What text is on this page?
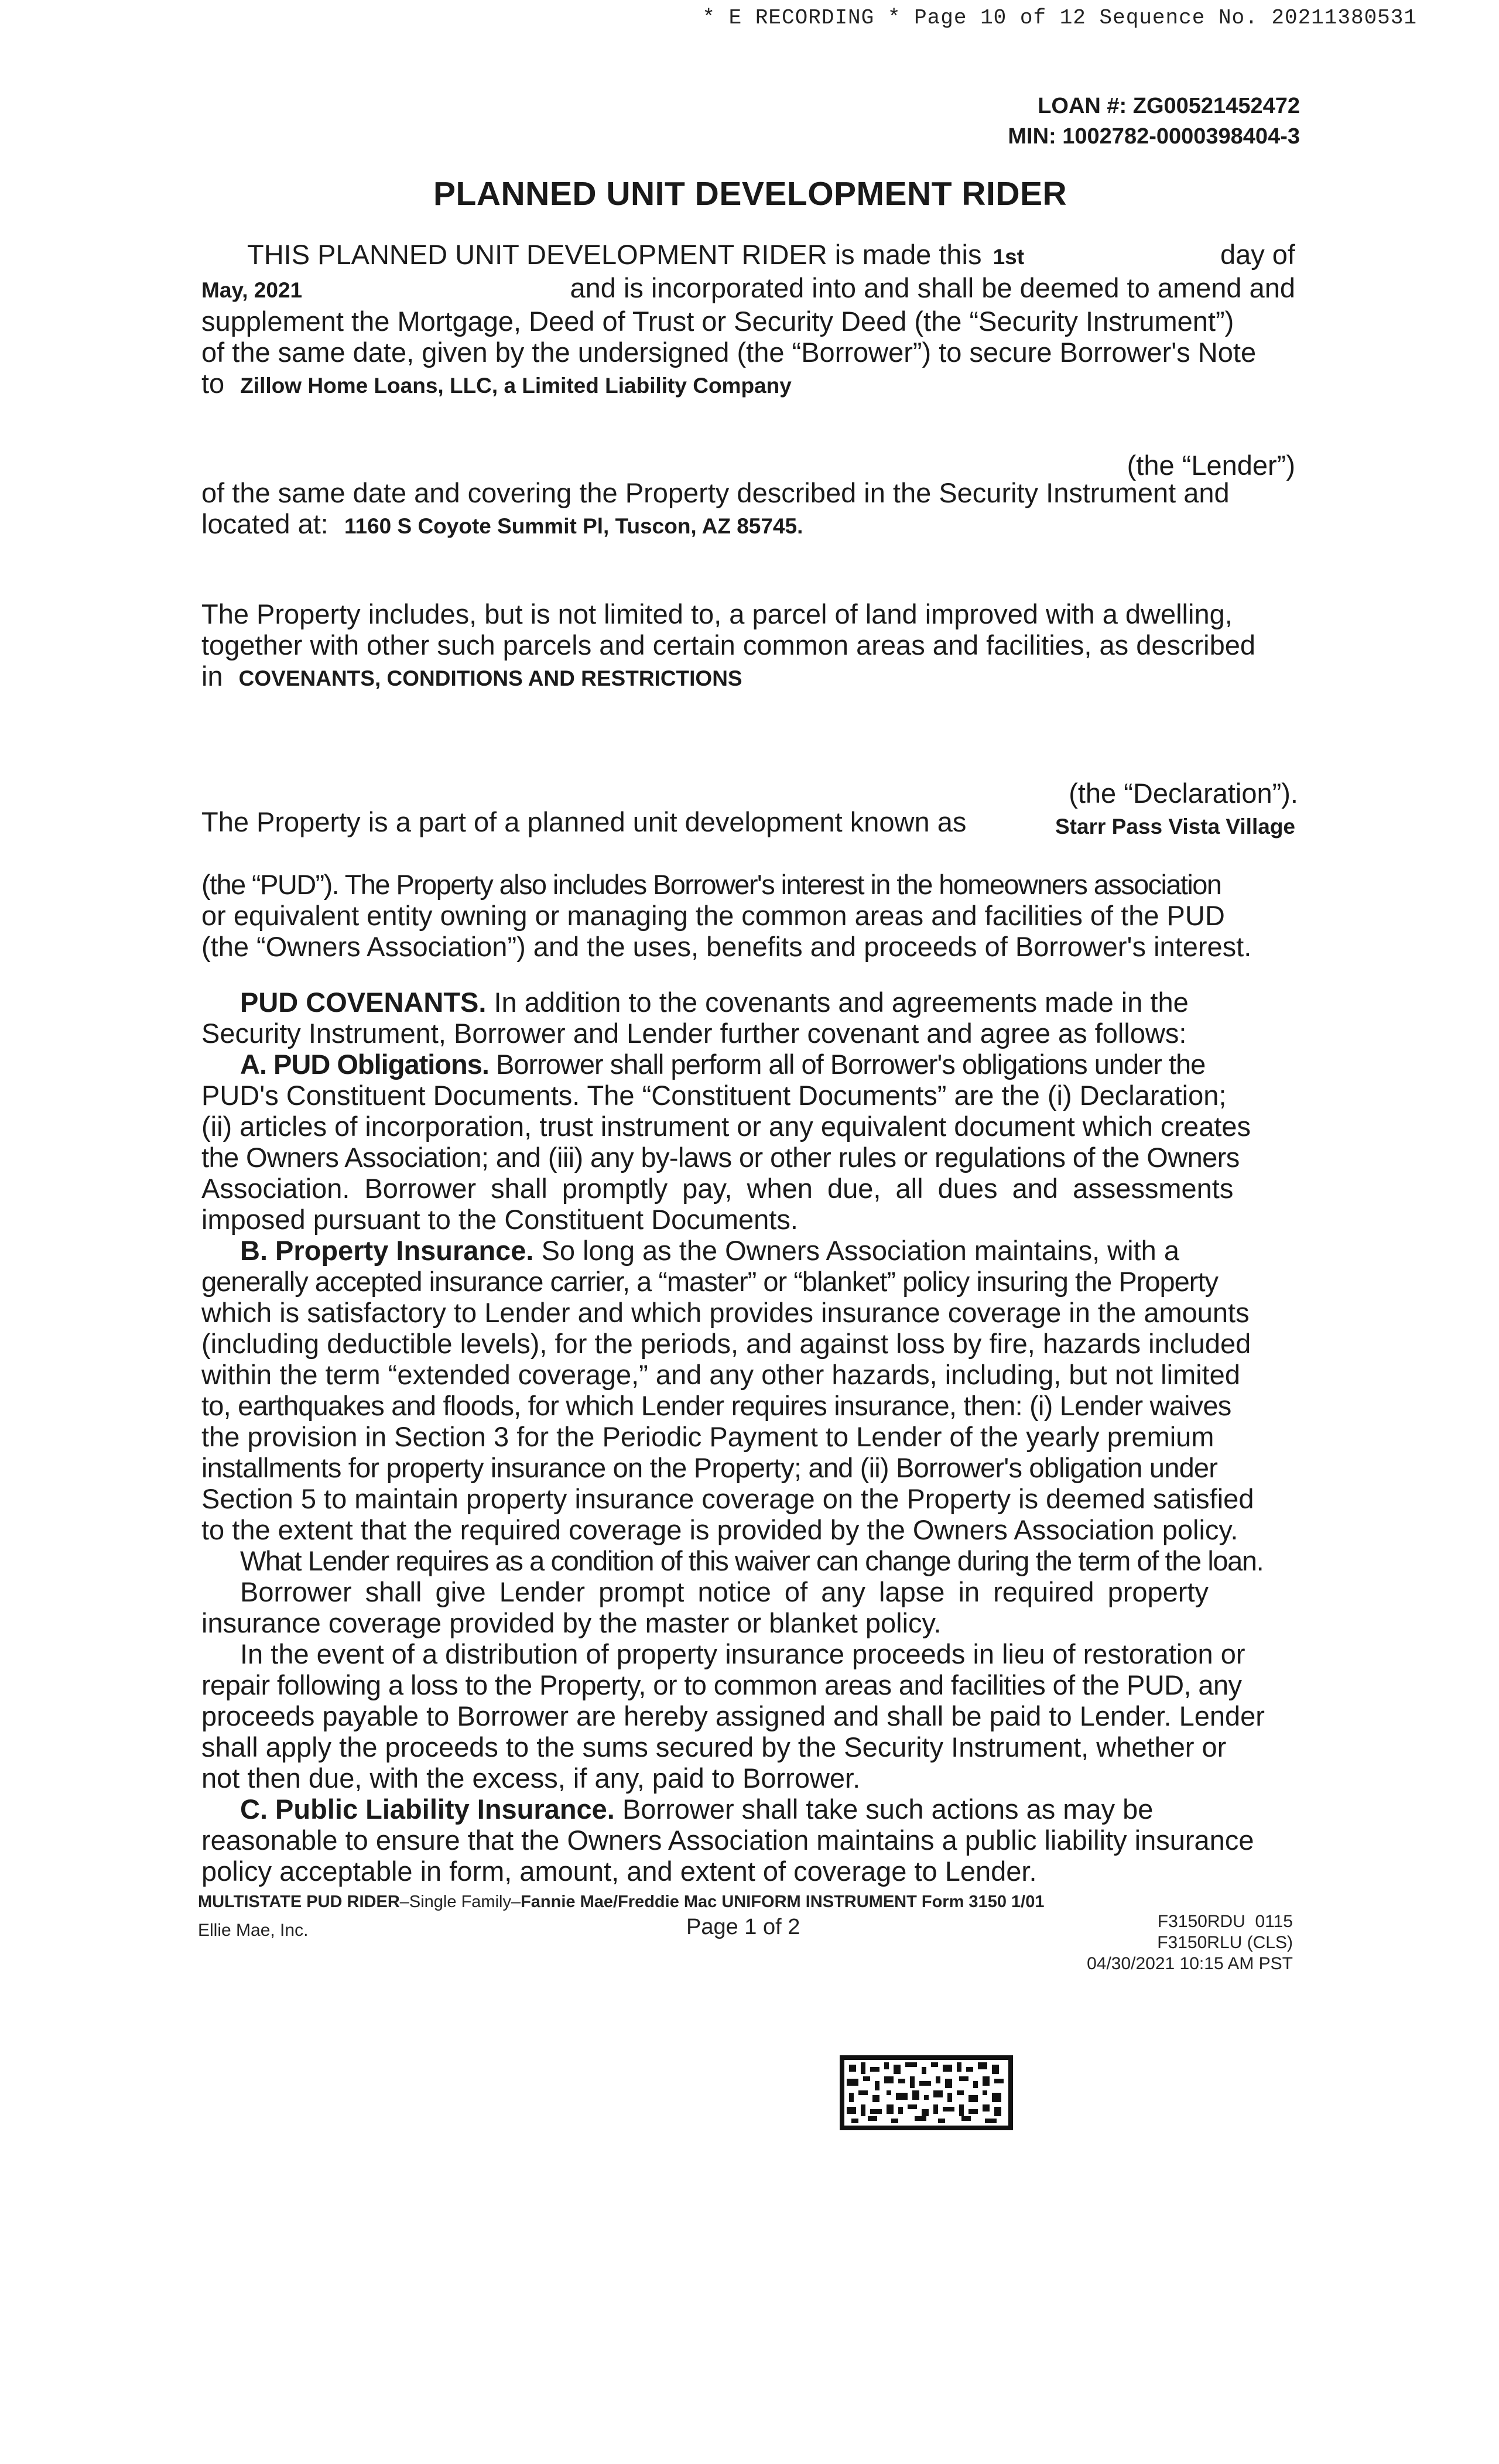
* E RECORDING * Page 10 of 12 Sequence No. 20211380531
LOAN #: ZG00521452472
MIN: 1002782-0000398404-3
PLANNED UNIT DEVELOPMENT RIDER
THIS PLANNED UNIT DEVELOPMENT RIDER is made this 1st	day of
May, 2021	and is incorporated into and shall be deemed to amend and
supplement the Mortgage, Deed of Trust or Security Deed (the “Security Instrument”)
of the same date, given by the undersigned (the “Borrower”) to secure Borrower's Note
to Zillow Home Loans, LLC, a Limited Liability Company
(the “Lender”)
of the same date and covering the Property described in the Security Instrument and
located at: 1160 S Coyote Summit Pl, Tuscon, AZ 85745.
The Property includes, but is not limited to, a parcel of land improved with a dwelling,
together with other such parcels and certain common areas and facilities, as described
in COVENANTS, CONDITIONS AND RESTRICTIONS
(the “Declaration”).
The Property is a part of a planned unit development known as	Starr Pass Vista Village
(the “PUD”). The Property also includes Borrower's interest in the homeowners association
or equivalent entity owning or managing the common areas and facilities of the PUD
(the “Owners Association”) and the uses, benefits and proceeds of Borrower's interest.
PUD COVENANTS. In addition to the covenants and agreements made in the
Security Instrument, Borrower and Lender further covenant and agree as follows:
A. PUD Obligations. Borrower shall perform all of Borrower's obligations under the
PUD's Constituent Documents. The “Constituent Documents” are the (i) Declaration;
(ii) articles of incorporation, trust instrument or any equivalent document which creates
the Owners Association; and (iii) any by-laws or other rules or regulations of the Owners
Association. Borrower shall promptly pay, when due, all dues and assessments
imposed pursuant to the Constituent Documents.
B. Property Insurance. So long as the Owners Association maintains, with a
generally accepted insurance carrier, a “master” or “blanket” policy insuring the Property
which is satisfactory to Lender and which provides insurance coverage in the amounts
(including deductible levels), for the periods, and against loss by fire, hazards included
within the term “extended coverage,” and any other hazards, including, but not limited
to, earthquakes and floods, for which Lender requires insurance, then: (i) Lender waives
the provision in Section 3 for the Periodic Payment to Lender of the yearly premium
installments for property insurance on the Property; and (ii) Borrower's obligation under
Section 5 to maintain property insurance coverage on the Property is deemed satisfied
to the extent that the required coverage is provided by the Owners Association policy.
What Lender requires as a condition of this waiver can change during the term of the loan.
Borrower shall give Lender prompt notice of any lapse in required property
insurance coverage provided by the master or blanket policy.
In the event of a distribution of property insurance proceeds in lieu of restoration or
repair following a loss to the Property, or to common areas and facilities of the PUD, any
proceeds payable to Borrower are hereby assigned and shall be paid to Lender. Lender
shall apply the proceeds to the sums secured by the Security Instrument, whether or
not then due, with the excess, if any, paid to Borrower.
C. Public Liability Insurance. Borrower shall take such actions as may be
reasonable to ensure that the Owners Association maintains a public liability insurance
policy acceptable in form, amount, and extent of coverage to Lender.
MULTISTATE PUD RIDER–Single Family–Fannie Mae/Freddie Mac UNIFORM INSTRUMENT Form 3150 1/01
Ellie Mae, Inc.	Page 1 of 2	F3150RDU  0115
F3150RLU (CLS)
04/30/2021 10:15 AM PST
